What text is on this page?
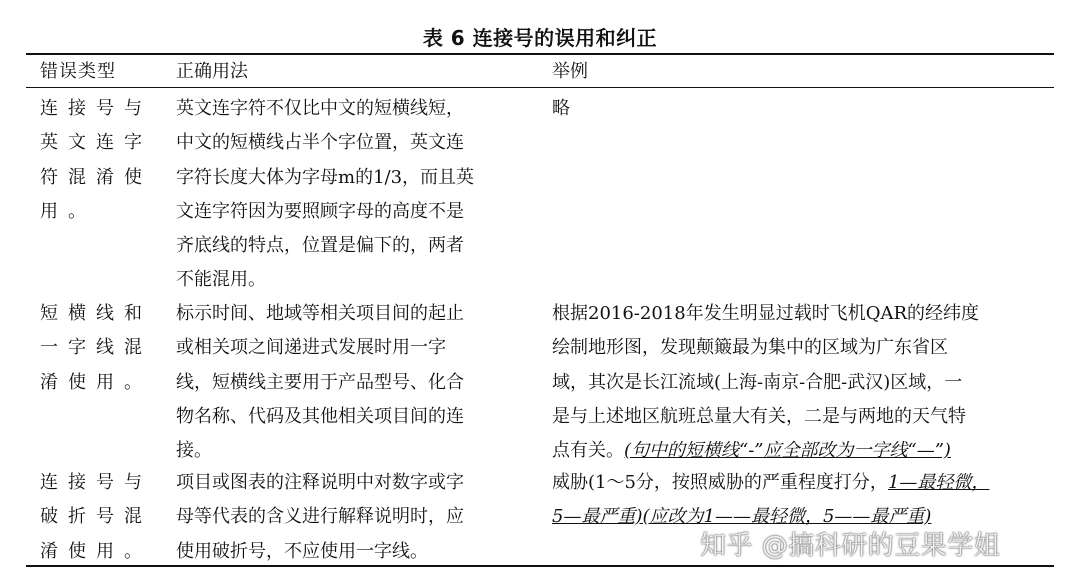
表 6 连接号的误用和纠正
错误类型	正确用法	举例
连接号与
英文连字
符混淆使
用。
英文连字符不仅比中文的短横线短，
中文的短横线占半个字位置，英文连
字符长度大体为字母m的1/3，而且英
文连字符因为要照顾字母的高度不是
齐底线的特点，位置是偏下的，两者
不能混用。
略
短横线和
一字线混
淆使用。
标示时间、地域等相关项目间的起止
或相关项之间递进式发展时用一字
线，短横线主要用于产品型号、化合
物名称、代码及其他相关项目间的连
接。
根据2016-2018年发生明显过载时飞机QAR的经纬度
绘制地形图，发现颠簸最为集中的区域为广东省区
域，其次是长江流域(上海-南京-合肥-武汉)区域，一
是与上述地区航班总量大有关，二是与两地的天气特
点有关。(句中的短横线“-”应全部改为一字线“—”)
连接号与
破折号混
淆使用。
项目或图表的注释说明中对数字或字
母等代表的含义进行解释说明时，应
使用破折号，不应使用一字线。
威胁(1～5分，按照威胁的严重程度打分，1—最轻微，
5—最严重)(应改为1——最轻微，5——最严重)
知乎 @搞科研的豆果学姐
